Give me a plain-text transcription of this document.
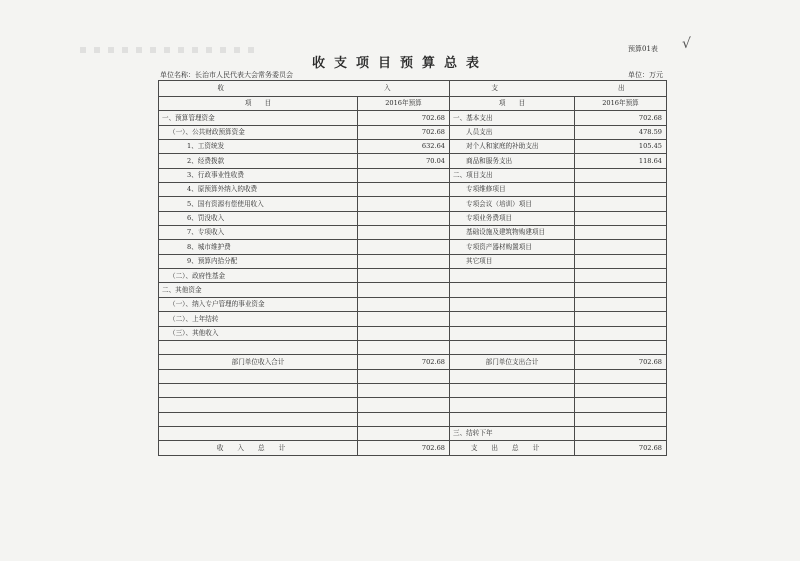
预算01表 √
收支项目预算总表
单位名称：长治市人民代表大会常务委员会	单位：万元
收 入		支 出	
项　　目	2016年预算	项　　目	2016年预算
一、预算管理资金	702.68	一、基本支出	702.68
（一）、公共财政预算资金	702.68	人员支出	478.59
1、工资统发	632.64	对个人和家庭的补助支出	105.45
2、经费拨款	70.04	商品和服务支出	118.64
3、行政事业性收费		二、项目支出	
4、原预算外纳入的收费		专项维修项目	
5、国有资源有偿使用收入		专项会议（培训）项目	
6、罚没收入		专项业务费项目	
7、专项收入		基础设施及建筑物购建项目	
8、城市维护费		专项资产器材购置项目	
9、预算内拾分配		其它项目	
（二）、政府性基金			
二、其他资金			
（一）、纳入专户管理的事业资金			
（二）、上年结转			
（三）、其他收入			

部门单位收入合计	702.68	部门单位支出合计	702.68

		三、结转下年	
收入总计	702.68	支出总计	702.68
